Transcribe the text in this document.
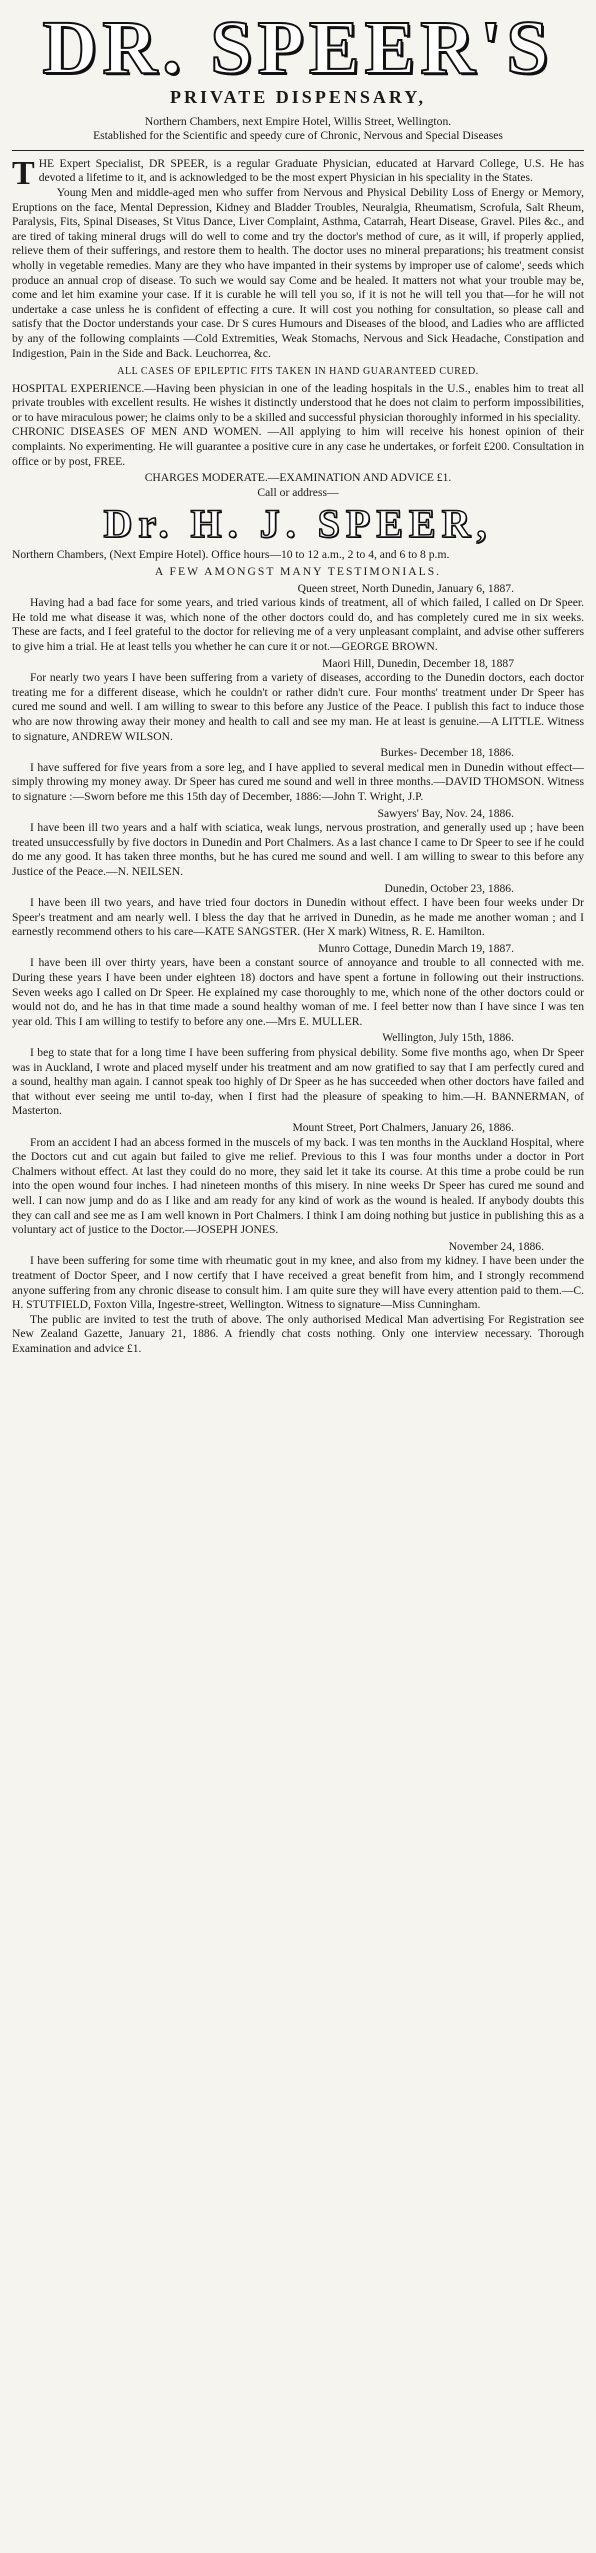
DR. SPEER'S
PRIVATE DISPENSARY,

Northern Chambers, next Empire Hotel, Willis Street, Wellington.

Established for the Scientific and speedy cure of Chronic, Nervous and Special Diseases

T HE Expert Specialist, DR SPEER, is a regular Graduate Physician, educated at Harvard College, U.S. He has devoted a lifetime to it, and is acknowledged to be the most expert Physician in his speciality in the States.

Young Men and middle-aged men who suffer from Nervous and Physical Debility Loss of Energy or Memory, Eruptions on the face, Mental Depression, Kidney and Bladder Troubles, Neuralgia, Rheumatism, Scrofula, Salt Rheum, Paralysis, Fits, Spinal Diseases, St Vitus Dance, Liver Complaint, Asthma, Catarrah, Heart Disease, Gravel. Piles &c., and are tired of taking mineral drugs will do well to come and try the doctor's method of cure, as it will, if properly applied, relieve them of their sufferings, and restore them to health. The doctor uses no mineral preparations; his treatment consist wholly in vegetable remedies. Many are they who have impanted in their systems by improper use of calome', seeds which produce an annual crop of disease. To such we would say Come and be healed. It matters not what your trouble may be, come and let him examine your case. If it is curable he will tell you so, if it is not he will tell you that—for he will not undertake a case unless he is confident of effecting a cure. It will cost you nothing for consultation, so please call and satisfy that the Doctor understands your case. Dr S cures Humours and Diseases of the blood, and Ladies who are afflicted by any of the following complaints —Cold Extremities, Weak Stomachs, Nervous and Sick Headache, Constipation and Indigestion, Pain in the Side and Back. Leuchorrea, &c.

ALL CASES OF EPILEPTIC FITS TAKEN IN HAND GUARANTEED CURED.

HOSPITAL EXPERIENCE.—Having been physician in one of the leading hospitals in the U.S., enables him to treat all private troubles with excellent results. He wishes it distinctly understood that he does not claim to perform impossibilities, or to have miraculous power; he claims only to be a skilled and successful physician thoroughly informed in his speciality.

CHRONIC DISEASES OF MEN AND WOMEN. —All applying to him will receive his honest opinion of their complaints. No experimenting. He will guarantee a positive cure in any case he undertakes, or forfeit £200. Consultation in office or by post, FREE.

CHARGES MODERATE.—EXAMINATION AND ADVICE £1.
Call or address—
Dr. H. J. SPEER,

Northern Chambers, (Next Empire Hotel). Office hours—10 to 12 a.m., 2 to 4, and 6 to 8 p.m.

A FEW AMONGST MANY TESTIMONIALS.
Queen street, North Dunedin, January 6, 1887.

Having had a bad face for some years, and tried various kinds of treatment, all of which failed, I called on Dr Speer. He told me what disease it was, which none of the other doctors could do, and has completely cured me in six weeks. These are facts, and I feel grateful to the doctor for relieving me of a very unpleasant complaint, and advise other sufferers to give him a trial. He at least tells you whether he can cure it or not.—GEORGE BROWN.

Maori Hill, Dunedin, December 18, 1887

For nearly two years I have been suffering from a variety of diseases, according to the Dunedin doctors, each doctor treating me for a different disease, which he couldn't or rather didn't cure. Four months' treatment under Dr Speer has cured me sound and well. I am willing to swear to this before any Justice of the Peace. I publish this fact to induce those who are now throwing away their money and health to call and see my man. He at least is genuine.—A LITTLE. Witness to signature, ANDREW WILSON.

Burkes- December 18, 1886.

I have suffered for five years from a sore leg, and I have applied to several medical men in Dunedin without effect—simply throwing my money away. Dr Speer has cured me sound and well in three months.—DAVID THOMSON. Witness to signature :—Sworn before me this 15th day of December, 1886:—John T. Wright, J.P.

Sawyers' Bay, Nov. 24, 1886.

I have been ill two years and a half with sciatica, weak lungs, nervous prostration, and generally used up ; have been treated unsuccessfully by five doctors in Dunedin and Port Chalmers. As a last chance I came to Dr Speer to see if he could do me any good. It has taken three months, but he has cured me sound and well. I am willing to swear to this before any Justice of the Peace.—N. NEILSEN.

Dunedin, October 23, 1886.

I have been ill two years, and have tried four doctors in Dunedin without effect. I have been four weeks under Dr Speer's treatment and am nearly well. I bless the day that he arrived in Dunedin, as he made me another woman ; and I earnestly recommend others to his care—KATE SANGSTER. (Her X mark) Witness, R. E. Hamilton.

Munro Cottage, Dunedin March 19, 1887.

I have been ill over thirty years, have been a constant source of annoyance and trouble to all connected with me. During these years I have been under eighteen 18) doctors and have spent a fortune in following out their instructions. Seven weeks ago I called on Dr Speer. He explained my case thoroughly to me, which none of the other doctors could or would not do, and he has in that time made a sound healthy woman of me. I feel better now than I have since I was ten year old. This I am willing to testify to before any one.—Mrs E. MULLER.

Wellington, July 15th, 1886.

I beg to state that for a long time I have been suffering from physical debility. Some five months ago, when Dr Speer was in Auckland, I wrote and placed myself under his treatment and am now gratified to say that I am perfectly cured and a sound, healthy man again. I cannot speak too highly of Dr Speer as he has succeeded when other doctors have failed and that without ever seeing me until to-day, when I first had the pleasure of speaking to him.—H. BANNERMAN, of Masterton.

Mount Street, Port Chalmers, January 26, 1886.

From an accident I had an abcess formed in the muscels of my back. I was ten months in the Auckland Hospital, where the Doctors cut and cut again but failed to give me relief. Previous to this I was four months under a doctor in Port Chalmers without effect. At last they could do no more, they said let it take its course. At this time a probe could be run into the open wound four inches. I had nineteen months of this misery. In nine weeks Dr Speer has cured me sound and well. I can now jump and do as I like and am ready for any kind of work as the wound is healed. If anybody doubts this they can call and see me as I am well known in Port Chalmers. I think I am doing nothing but justice in publishing this as a voluntary act of justice to the Doctor.—JOSEPH JONES.

November 24, 1886.

I have been suffering for some time with rheumatic gout in my knee, and also from my kidney. I have been under the treatment of Doctor Speer, and I now certify that I have received a great benefit from him, and I strongly recommend anyone suffering from any chronic disease to consult him. I am quite sure they will have every attention paid to them.—C. H. STUTFIELD, Foxton Villa, Ingestre-street, Wellington. Witness to signature—Miss Cunningham.

The public are invited to test the truth of above. The only authorised Medical Man advertising For Registration see New Zealand Gazette, January 21, 1886. A friendly chat costs nothing. Only one interview necessary. Thorough Examination and advice £1.
